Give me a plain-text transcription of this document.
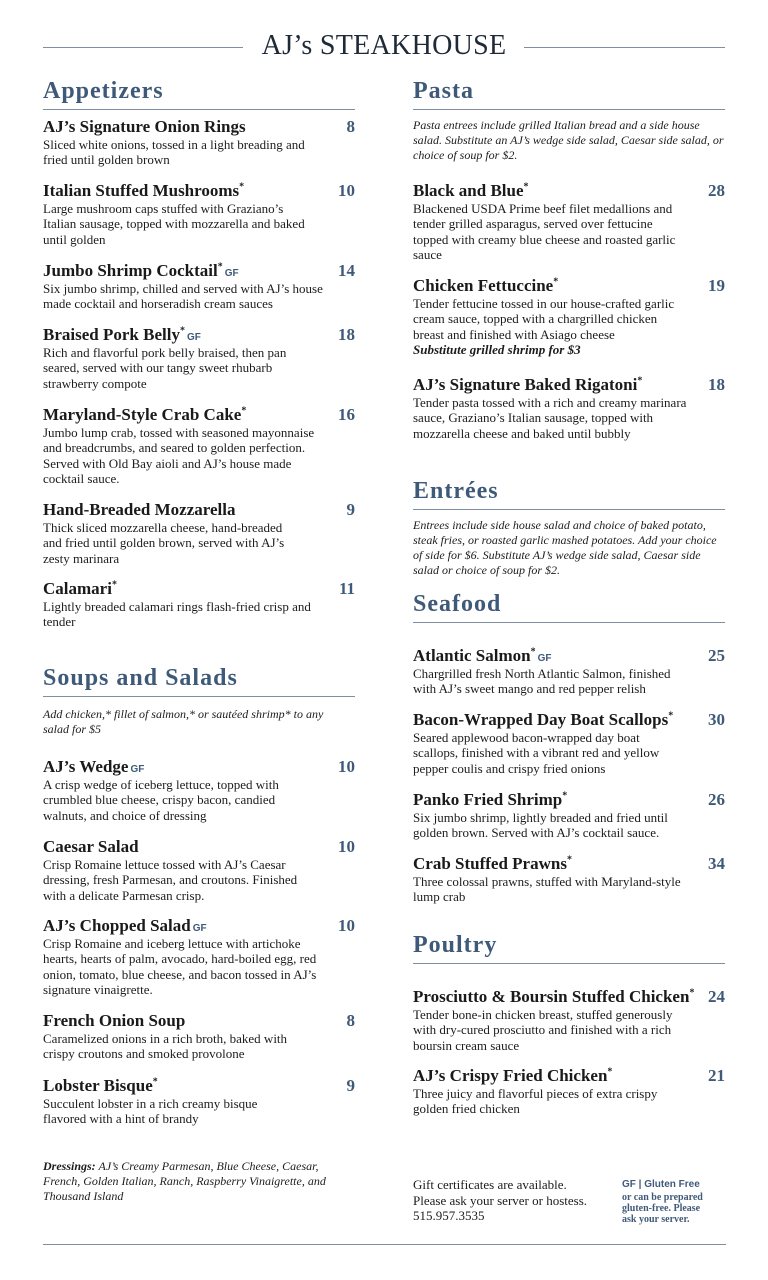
AJ’s STEAKHOUSE
Appetizers
AJ’s Signature Onion Rings	8
Sliced white onions, tossed in a light breading and fried until golden brown
Italian Stuffed Mushrooms*	10
Large mushroom caps stuffed with Graziano’s Italian sausage, topped with mozzarella and baked until golden
Jumbo Shrimp Cocktail*GF	14
Six jumbo shrimp, chilled and served with AJ’s house made cocktail and horseradish cream sauces
Braised Pork Belly*GF	18
Rich and flavorful pork belly braised, then pan seared, served with our tangy sweet rhubarb strawberry compote
Maryland-Style Crab Cake*	16
Jumbo lump crab, tossed with seasoned mayonnaise and breadcrumbs, and seared to golden perfection. Served with Old Bay aioli and AJ’s house made cocktail sauce.
Hand-Breaded Mozzarella	9
Thick sliced mozzarella cheese, hand-breaded and fried until golden brown, served with AJ’s zesty marinara
Calamari*	11
Lightly breaded calamari rings flash-fried crisp and tender
Soups and Salads
Add chicken,* fillet of salmon,* or sautéed shrimp* to any salad for $5
AJ’s Wedge GF	10
A crisp wedge of iceberg lettuce, topped with crumbled blue cheese, crispy bacon, candied walnuts, and choice of dressing
Caesar Salad	10
Crisp Romaine lettuce tossed with AJ’s Caesar dressing, fresh Parmesan, and croutons. Finished with a delicate Parmesan crisp.
AJ’s Chopped Salad GF	10
Crisp Romaine and iceberg lettuce with artichoke hearts, hearts of palm, avocado, hard-boiled egg, red onion, tomato, blue cheese, and bacon tossed in AJ’s signature vinaigrette.
French Onion Soup	8
Caramelized onions in a rich broth, baked with crispy croutons and smoked provolone
Lobster Bisque*	9
Succulent lobster in a rich creamy bisque flavored with a hint of brandy
Dressings: AJ’s Creamy Parmesan, Blue Cheese, Caesar, French, Golden Italian, Ranch, Raspberry Vinaigrette, and Thousand Island
Pasta
Pasta entrees include grilled Italian bread and a side house salad. Substitute an AJ’s wedge side salad, Caesar side salad, or choice of soup for $2.
Black and Blue*	28
Blackened USDA Prime beef filet medallions and tender grilled asparagus, served over fettucine topped with creamy blue cheese and roasted garlic sauce
Chicken Fettuccine*	19
Tender fettucine tossed in our house-crafted garlic cream sauce, topped with a chargrilled chicken breast and finished with Asiago cheese
Substitute grilled shrimp for $3
AJ’s Signature Baked Rigatoni*	18
Tender pasta tossed with a rich and creamy marinara sauce, Graziano’s Italian sausage, topped with mozzarella cheese and baked until bubbly
Entrées
Entrees include side house salad and choice of baked potato, steak fries, or roasted garlic mashed potatoes. Add your choice of side for $6. Substitute AJ’s wedge side salad, Caesar side salad or choice of soup for $2.
Seafood
Atlantic Salmon*GF	25
Chargrilled fresh North Atlantic Salmon, finished with AJ’s sweet mango and red pepper relish
Bacon-Wrapped Day Boat Scallops* 30
Seared applewood bacon-wrapped day boat scallops, finished with a vibrant red and yellow pepper coulis and crispy fried onions
Panko Fried Shrimp*	26
Six jumbo shrimp, lightly breaded and fried until golden brown. Served with AJ’s cocktail sauce.
Crab Stuffed Prawns*	34
Three colossal prawns, stuffed with Maryland-style lump crab
Poultry
Prosciutto & Boursin Stuffed Chicken* 24
Tender bone-in chicken breast, stuffed generously with dry-cured prosciutto and finished with a rich boursin cream sauce
AJ’s Crispy Fried Chicken*	21
Three juicy and flavorful pieces of extra crispy golden fried chicken
Gift certificates are available.
Please ask your server or hostess.
515.957.3535
GF | Gluten Free
or can be prepared gluten-free. Please ask your server.
